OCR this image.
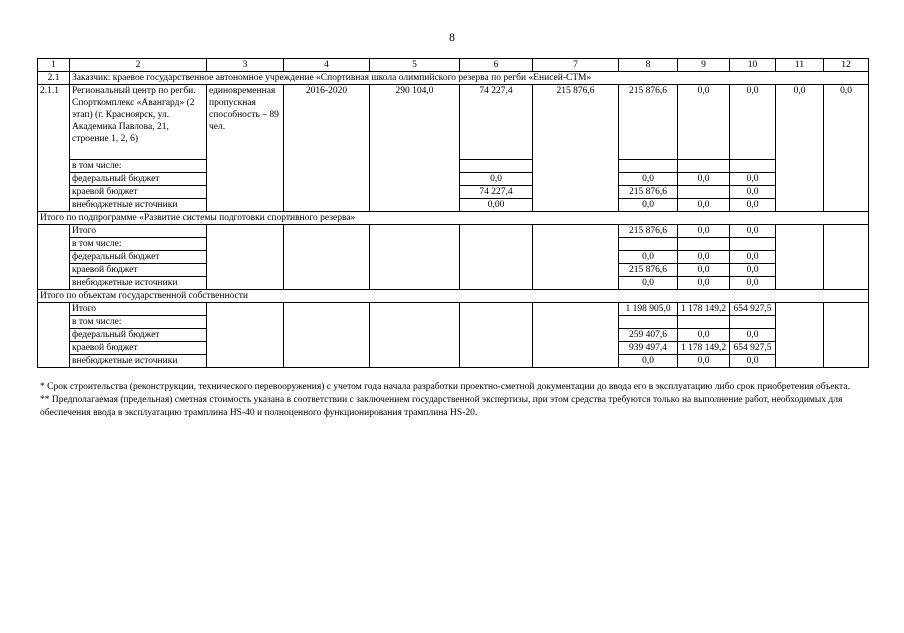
8
1	2	3	4	5	6	7	8	9	10	11	12
2.1	Заказчик: краевое государственное автономное учреждение «Спортивная школа олимпийского резерва по регби «Енисей-СТМ»										
2.1.1	Региональный центр по регби. Спорткомплекс «Авангард» (2 этап) (г. Красноярск, ул. Академика Павлова, 21, строение 1, 2, 6)	единовременная пропускная способность – 89 чел.	2016-2020	290 104,0	74 227,4	215 876,6	215 876,6	0,0	0,0	0,0	0,0
	в том числе:										
	федеральный бюджет				0,0		0,0	0,0	0,0		
	краевой бюджет				74 227,4		215 876,6		0,0		
	внебюджетные источники				0,00		0,0	0,0	0,0		
Итого по подпрограмме «Развитие системы подготовки спортивного резерва»											
	Итого						215 876,6	0,0	0,0		
	в том числе:										
	федеральный бюджет						0,0	0,0	0,0		
	краевой бюджет						215 876,6	0,0	0,0		
	внебюджетные источники						0,0	0,0	0,0		
Итого по объектам государственной собственности											
	Итого						1 198 905,0	1 178 149,2	654 927,5		
	в том числе:										
	федеральный бюджет						259 407,6	0,0	0,0		
	краевой бюджет						939 497,4	1 178 149,2	654 927,5		
	внебюджетные источники						0,0	0,0	0,0		

* Срок строительства (реконструкции, технического перевооружения) с учетом года начала разработки проектно-сметной документации до ввода его в эксплуатацию либо срок приобретения объекта.

** Предполагаемая (предельная) сметная стоимость указана в соответствии с заключением государственной экспертизы, при этом средства требуются только на выполнение работ, необходимых для обеспечения ввода в эксплуатацию трамплина HS-40 и полноценного функционирования трамплина HS-20.
